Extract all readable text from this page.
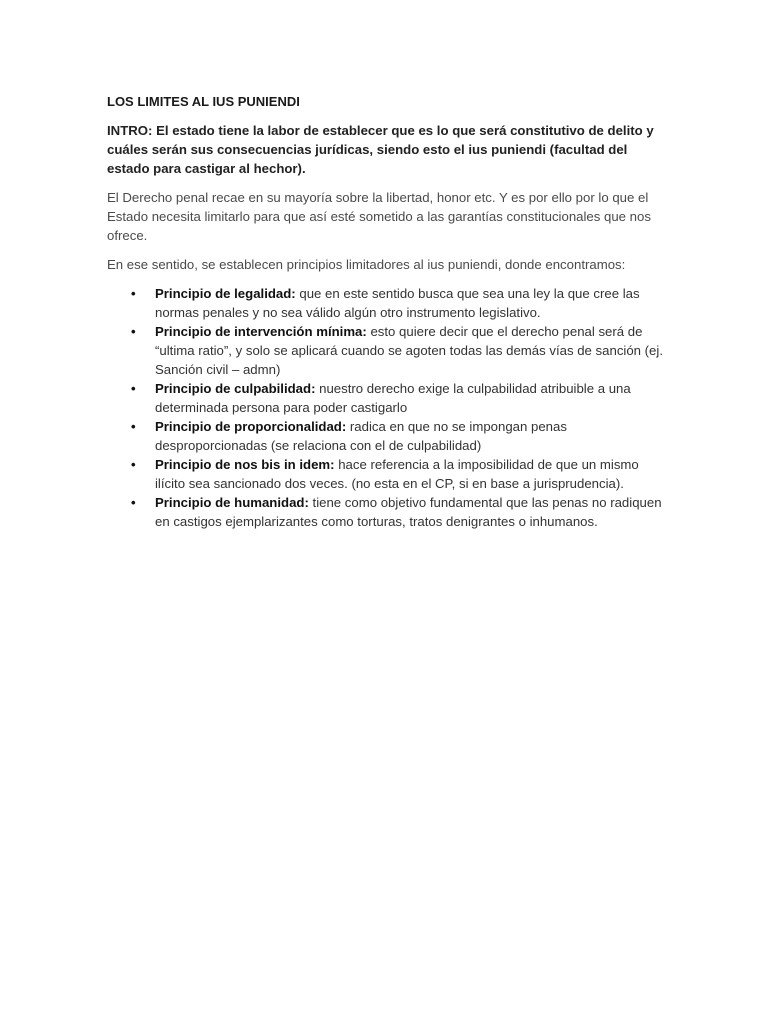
LOS LIMITES AL IUS PUNIENDI

INTRO: El estado tiene la labor de establecer que es lo que será constitutivo de delito y cuáles serán sus consecuencias jurídicas, siendo esto el ius puniendi (facultad del estado para castigar al hechor).

El Derecho penal recae en su mayoría sobre la libertad, honor etc. Y es por ello por lo que el Estado necesita limitarlo para que así esté sometido a las garantías constitucionales que nos ofrece.

En ese sentido, se establecen principios limitadores al ius puniendi, donde encontramos:

• Principio de legalidad: que en este sentido busca que sea una ley la que cree las normas penales y no sea válido algún otro instrumento legislativo.
• Principio de intervención mínima: esto quiere decir que el derecho penal será de “ultima ratio”, y solo se aplicará cuando se agoten todas las demás vías de sanción (ej. Sanción civil – admn)
• Principio de culpabilidad: nuestro derecho exige la culpabilidad atribuible a una determinada persona para poder castigarlo
• Principio de proporcionalidad: radica en que no se impongan penas desproporcionadas (se relaciona con el de culpabilidad)
• Principio de nos bis in idem: hace referencia a la imposibilidad de que un mismo ilícito sea sancionado dos veces. (no esta en el CP, si en base a jurisprudencia).
• Principio de humanidad: tiene como objetivo fundamental que las penas no radiquen en castigos ejemplarizantes como torturas, tratos denigrantes o inhumanos.
